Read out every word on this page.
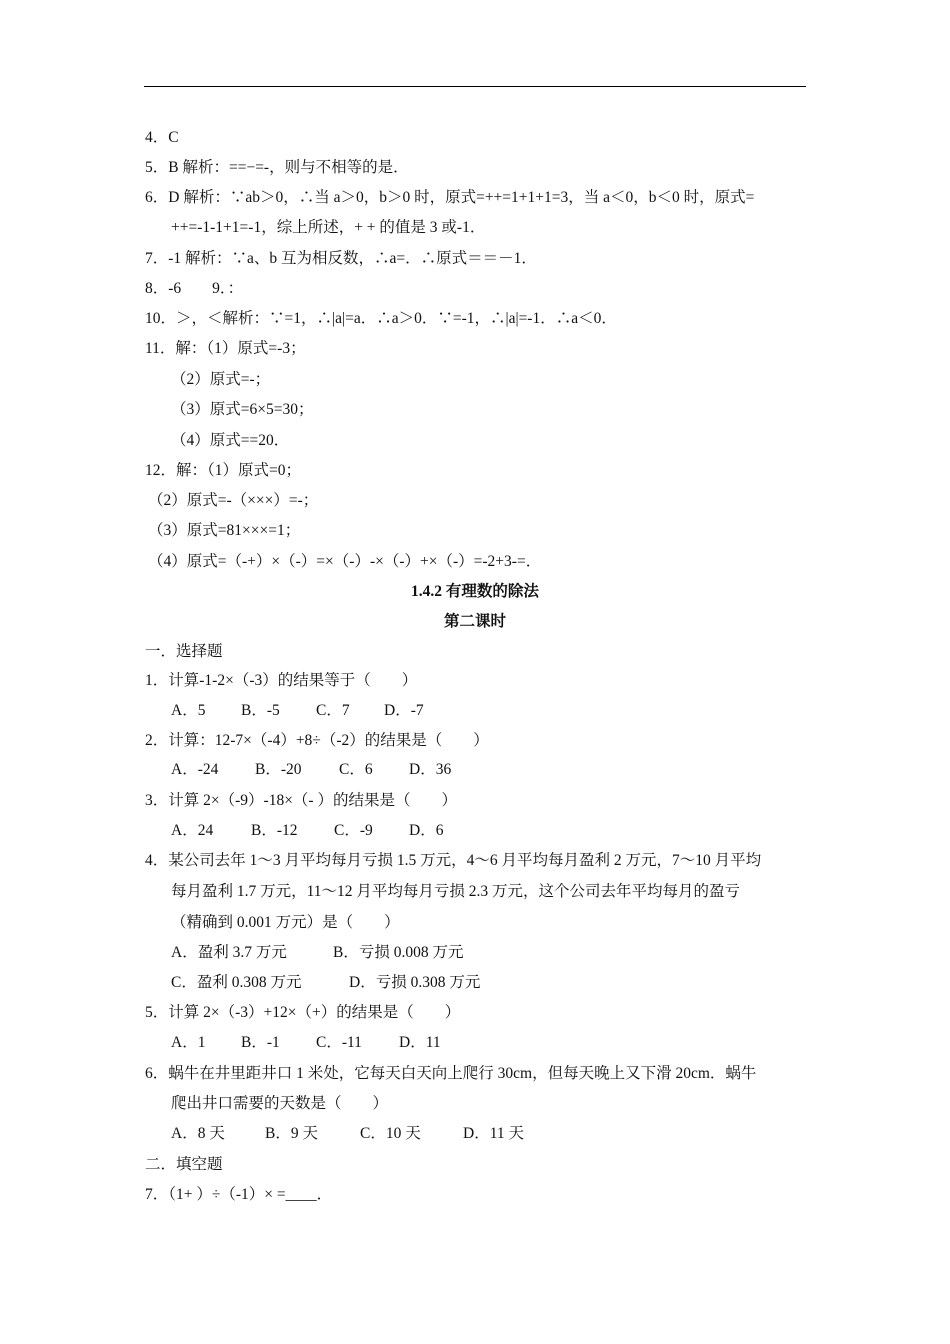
4．C
5．B 解析：==−=-，则与不相等的是．
6．D 解析：∵ab＞0，∴当 a＞0，b＞0 时，原式=++=1+1+1=3，当 a＜0，b＜0 时，原式=
++=-1-1+1=-1，综上所述，+ + 的值是 3 或-1．
7．-1 解析：∵a、b 互为相反数，∴a=．∴原式＝＝－1．
8．-6　　9．：
10．＞，＜解析：∵=1，∴|a|=a．∴a＞0．∵=-1，∴|a|=-1．∴a＜0．
11．解：（1）原式=-3；
（2）原式=-；
（3）原式=6×5=30；
（4）原式==20．
12．解：（1）原式=0；
（2）原式=-（×××）=-；
（3）原式=81×××=1；
（4）原式=（-+）×（-）=×（-）-×（-）+×（-）=-2+3-=．
1.4.2 有理数的除法
第二课时
一．选择题
1．计算-1-2×（-3）的结果等于（　　）
A．5 B．-5 C．7 D．-7
2．计算：12-7×（-4）+8÷（-2）的结果是（　　）
A．-24 B．-20 C．6 D．36
3．计算 2×（-9）-18×（- ）的结果是（　　）
A．24 B．-12 C．-9 D．6
4．某公司去年 1～3 月平均每月亏损 1.5 万元，4～6 月平均每月盈利 2 万元，7～10 月平均
每月盈利 1.7 万元，11～12 月平均每月亏损 2.3 万元，这个公司去年平均每月的盈亏
（精确到 0.001 万元）是（　　）
A．盈利 3.7 万元	B．亏损 0.008 万元
C．盈利 0.308 万元	D．亏损 0.308 万元
5．计算 2×（-3）+12×（+）的结果是（　　）
A．1 B．-1 C．-11 D．11
6．蜗牛在井里距井口 1 米处，它每天白天向上爬行 30cm，但每天晚上又下滑 20cm．蜗牛
爬出井口需要的天数是（　　）
A．8 天	B．9 天	C．10 天	D．11 天
二．填空题
7．（1+ ）÷（-1）× =____．
